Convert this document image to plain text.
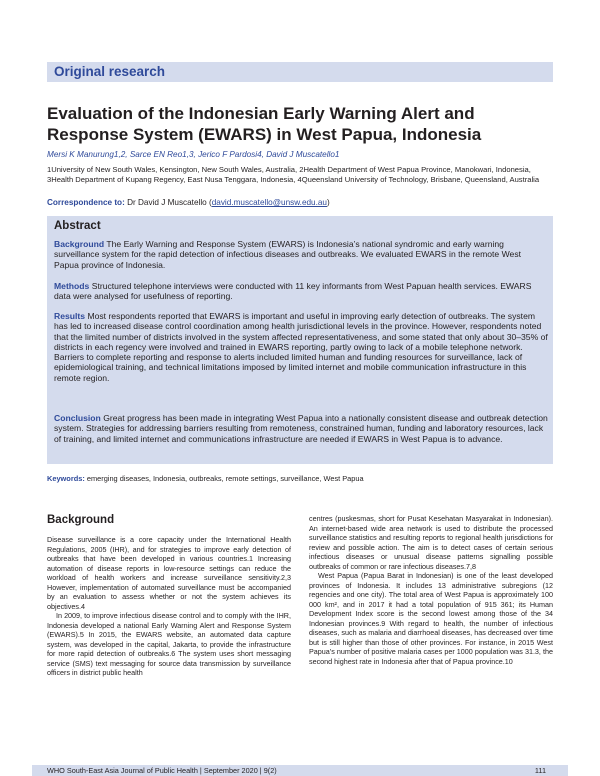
Original research
Evaluation of the Indonesian Early Warning Alert and Response System (EWARS) in West Papua, Indonesia
Mersi K Manurung1,2, Sarce EN Reo1,3, Jerico F Pardosi4, David J Muscatello1

1University of New South Wales, Kensington, New South Wales, Australia, 2Health Department of West Papua Province, Manokwari, Indonesia, 3Health Department of Kupang Regency, East Nusa Tenggara, Indonesia, 4Queensland University of Technology, Brisbane, Queensland, Australia

Correspondence to: Dr David J Muscatello (david.muscatello@unsw.edu.au)
Abstract

Background The Early Warning and Response System (EWARS) is Indonesia’s national syndromic and early warning surveillance system for the rapid detection of infectious diseases and outbreaks. We evaluated EWARS in the remote West Papua province of Indonesia.

Methods Structured telephone interviews were conducted with 11 key informants from West Papuan health services. EWARS data were analysed for usefulness of reporting.

Results Most respondents reported that EWARS is important and useful in improving early detection of outbreaks. The system has led to increased disease control coordination among health jurisdictional levels in the province. However, respondents noted that the limited number of districts involved in the system affected representativeness, and some stated that only about 30–35% of districts in each regency were involved and trained in EWARS reporting, partly owing to lack of a mobile telephone network. Barriers to complete reporting and response to alerts included limited human and funding resources for surveillance, lack of epidemiological training, and technical limitations imposed by limited internet and mobile communication infrastructure in this remote region.

Conclusion Great progress has been made in integrating West Papua into a nationally consistent disease and outbreak detection system. Strategies for addressing barriers resulting from remoteness, constrained human, funding and laboratory resources, lack of training, and limited internet and communications infrastructure are needed if EWARS in West Papua is to advance.

Keywords: emerging diseases, Indonesia, outbreaks, remote settings, surveillance, West Papua
Background

Disease surveillance is a core capacity under the International Health Regulations, 2005 (IHR), and for strategies to improve early detection of outbreaks that have been developed in various countries.1 Increasing automation of disease reports in low-resource settings can reduce the workload of health workers and increase surveillance sensitivity.2,3 However, implementation of automated surveillance must be accompanied by an evaluation to assess whether or not the system achieves its objectives.4

In 2009, to improve infectious disease control and to comply with the IHR, Indonesia developed a national Early Warning Alert and Response System (EWARS).5 In 2015, the EWARS website, an automated data capture system, was developed in the capital, Jakarta, to provide the infrastructure for more rapid detection of outbreaks.6 The system uses short messaging service (SMS) text messaging for source data transmission by surveillance officers in district public health

centres (puskesmas, short for Pusat Kesehatan Masyarakat in Indonesian). An internet-based wide area network is used to distribute the processed surveillance statistics and resulting reports to regional health jurisdictions for review and possible action. The aim is to detect cases of certain serious infectious diseases or unusual disease patterns signalling possible outbreaks of common or rare infectious diseases.7,8

West Papua (Papua Barat in Indonesian) is one of the least developed provinces of Indonesia. It includes 13 administrative subregions (12 regencies and one city). The total area of West Papua is approximately 100 000 km², and in 2017 it had a total population of 915 361; its Human Development Index score is the second lowest among those of the 34 Indonesian provinces.9 With regard to health, the number of infectious diseases, such as malaria and diarrhoeal diseases, has decreased over time but is still higher than those of other provinces. For instance, in 2015 West Papua’s number of positive malaria cases per 1000 population was 31.3, the second highest rate in Indonesia after that of Papua province.10

WHO South-East Asia Journal of Public Health | September 2020 | 9(2)	111
